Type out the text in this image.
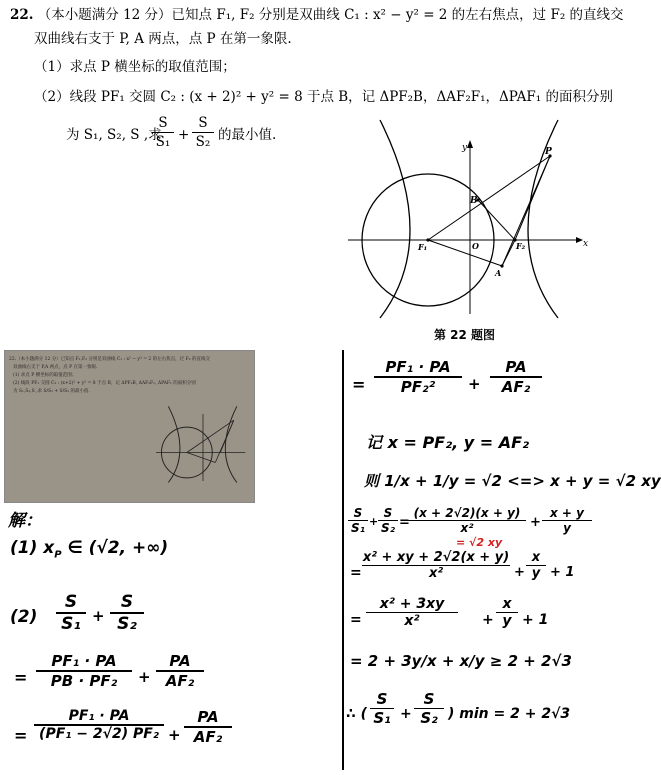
22. （本小题满分 12 分）已知点 F₁, F₂ 分别是双曲线 C₁ : x² − y² = 2 的左右焦点，过 F₂ 的直线交
双曲线右支于 P, A 两点，点 P 在第一象限.
（1）求点 P 横坐标的取值范围；
（2）线段 PF₁ 交圆 C₂ : (x + 2)² + y² = 8 于点 B，记 ΔPF₂B，ΔAF₂F₁，ΔPAF₁ 的面积分别
为 S₁, S₂, S ,求
$\frac{S}{\text{S₁}} + \frac{S}{\text{S₂}}$ 的最小值.
y
x
P
B
F₁	O	F₂
A
第 22 题图
22.（本小题满分 12 分）已知点 F₁,F₂ 分别是双曲线 C₁ : x² − y² = 2 的左右焦点，过 F₂ 的直线交
双曲线右支于 P,A 两点，点 P 在第一象限.
(1) 求点 P 横坐标的取值范围；
(2) 线段 PF₁ 交圆 C₂ : (x+2)² + y² = 8 于点 B，记 ΔPF₂B, ΔAF₂F₁, ΔPAF₁ 的面积分别
为 S₁,S₂,S ,求 S/S₁ + S/S₂ 的最小值.
解：
(1) $x_P$ ∈ (√2, +∞)
(2)
S
S₁ +
S
S₂
=
PF₁ · PA
PB · PF₂	+
PA
AF₂
=
PF₁ · PA
(PF₁ − 2√2) PF₂ +
PA
AF₂
=
PF₁ · PA
PF₂²	+
PA
AF₂
记 x = PF₂, y = AF₂
则 1/x + 1/y = √2 <=> x + y = √2 xy
S
S₁ +
S
S₂ =
(x + 2√2)(x + y)
x²
= √2 xy
+
x + y
y
=
x² + xy + 2√2(x + y)
x²	+
x
y + 1
=
x² + 3xy
x²	+
x
y + 1
= 2 + 3y/x + x/y ≥ 2 + 2√3
∴ (
S
S₁ +
S
S₂ ) min = 2 + 2√3
